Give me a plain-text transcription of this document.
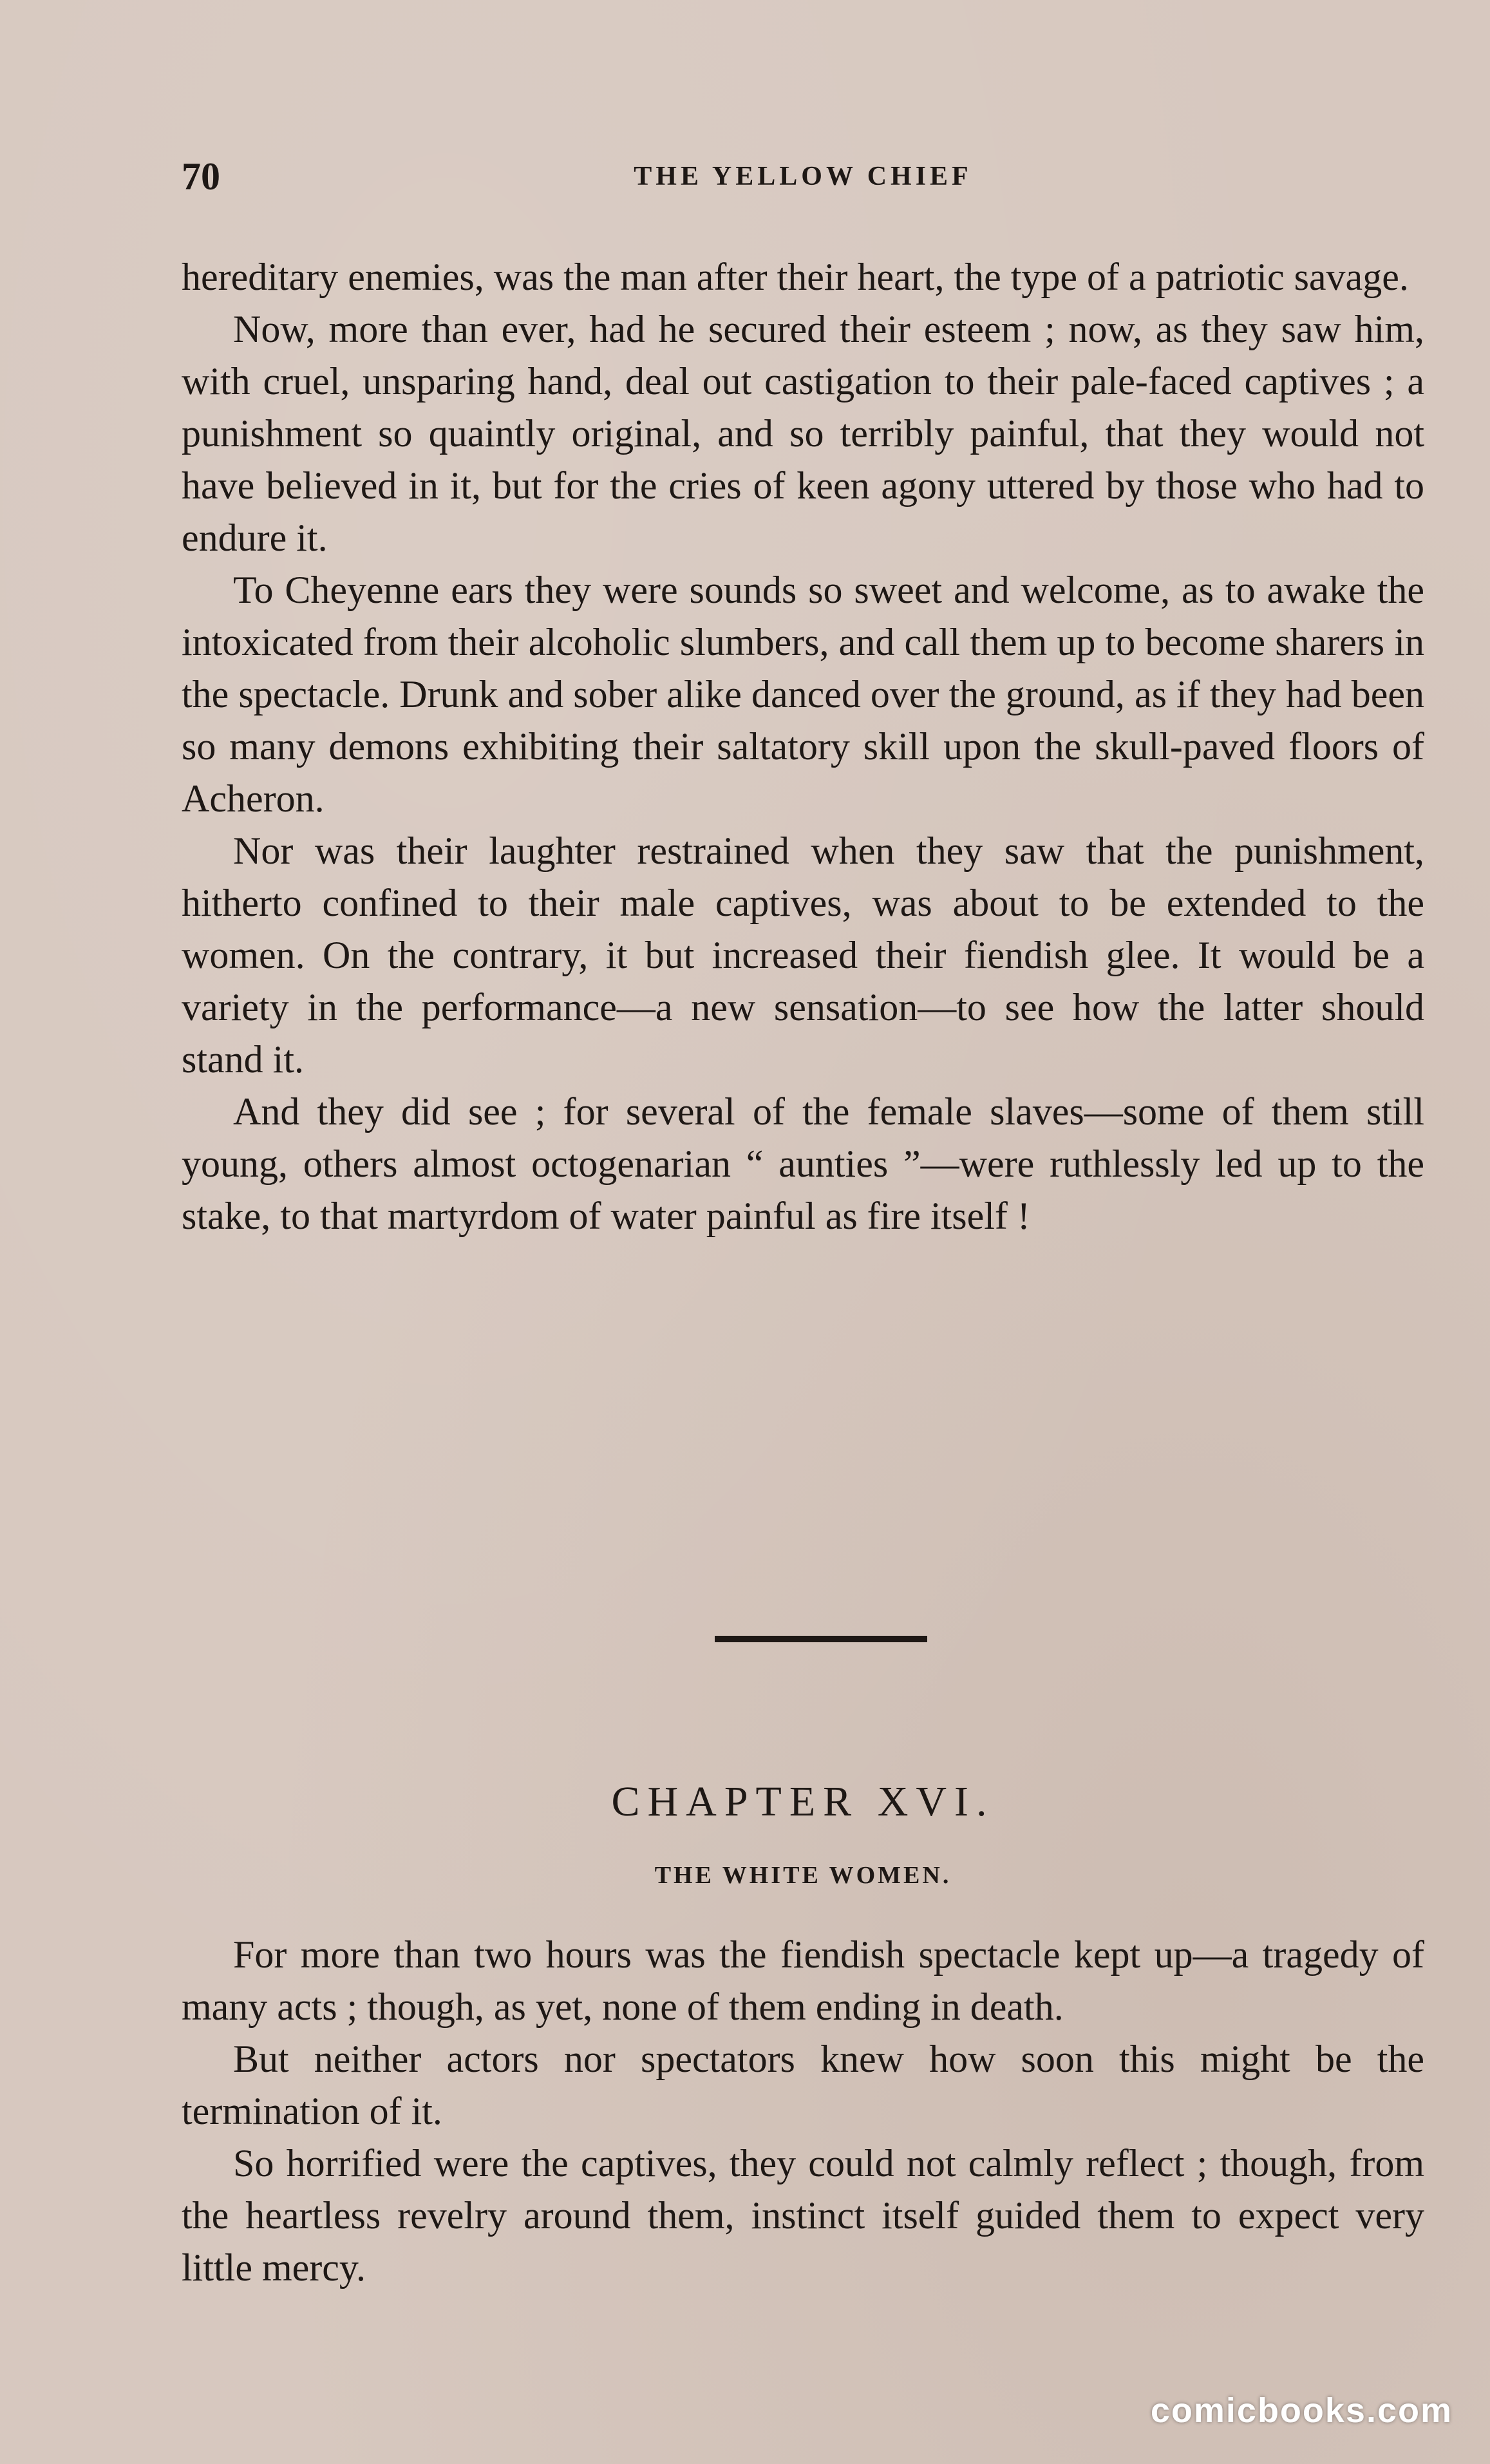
70	THE YELLOW CHIEF

hereditary enemies, was the man after their heart, the type of a patriotic savage.

Now, more than ever, had he secured their esteem ; now, as they saw him, with cruel, unsparing hand, deal out castigation to their pale-faced captives ; a punishment so quaintly original, and so terribly painful, that they would not have believed in it, but for the cries of keen agony uttered by those who had to endure it.

To Cheyenne ears they were sounds so sweet and welcome, as to awake the intoxicated from their alcoholic slumbers, and call them up to become sharers in the spectacle. Drunk and sober alike danced over the ground, as if they had been so many demons exhibiting their saltatory skill upon the skull-paved floors of Acheron.

Nor was their laughter restrained when they saw that the punishment, hitherto confined to their male captives, was about to be extended to the women. On the contrary, it but increased their fiendish glee. It would be a variety in the performance—a new sensation—to see how the latter should stand it.

And they did see ; for several of the female slaves—some of them still young, others almost octogenarian “ aunties ”—were ruthlessly led up to the stake, to that martyrdom of water painful as fire itself !

CHAPTER XVI.
THE WHITE WOMEN.

For more than two hours was the fiendish spectacle kept up—a tragedy of many acts ; though, as yet, none of them ending in death.

But neither actors nor spectators knew how soon this might be the termination of it.

So horrified were the captives, they could not calmly reflect ; though, from the heartless revelry around them, instinct itself guided them to expect very little mercy.

comicbooks.com
